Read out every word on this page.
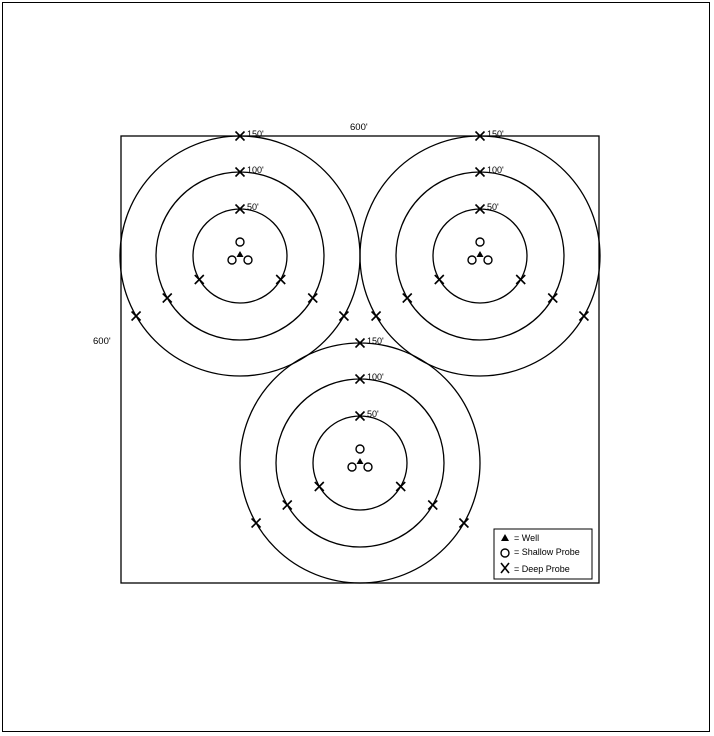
600'
600'
50'
100'
150'
50'
100'
150'
50'
100'
150'
= Well
= Shallow Probe
= Deep Probe
